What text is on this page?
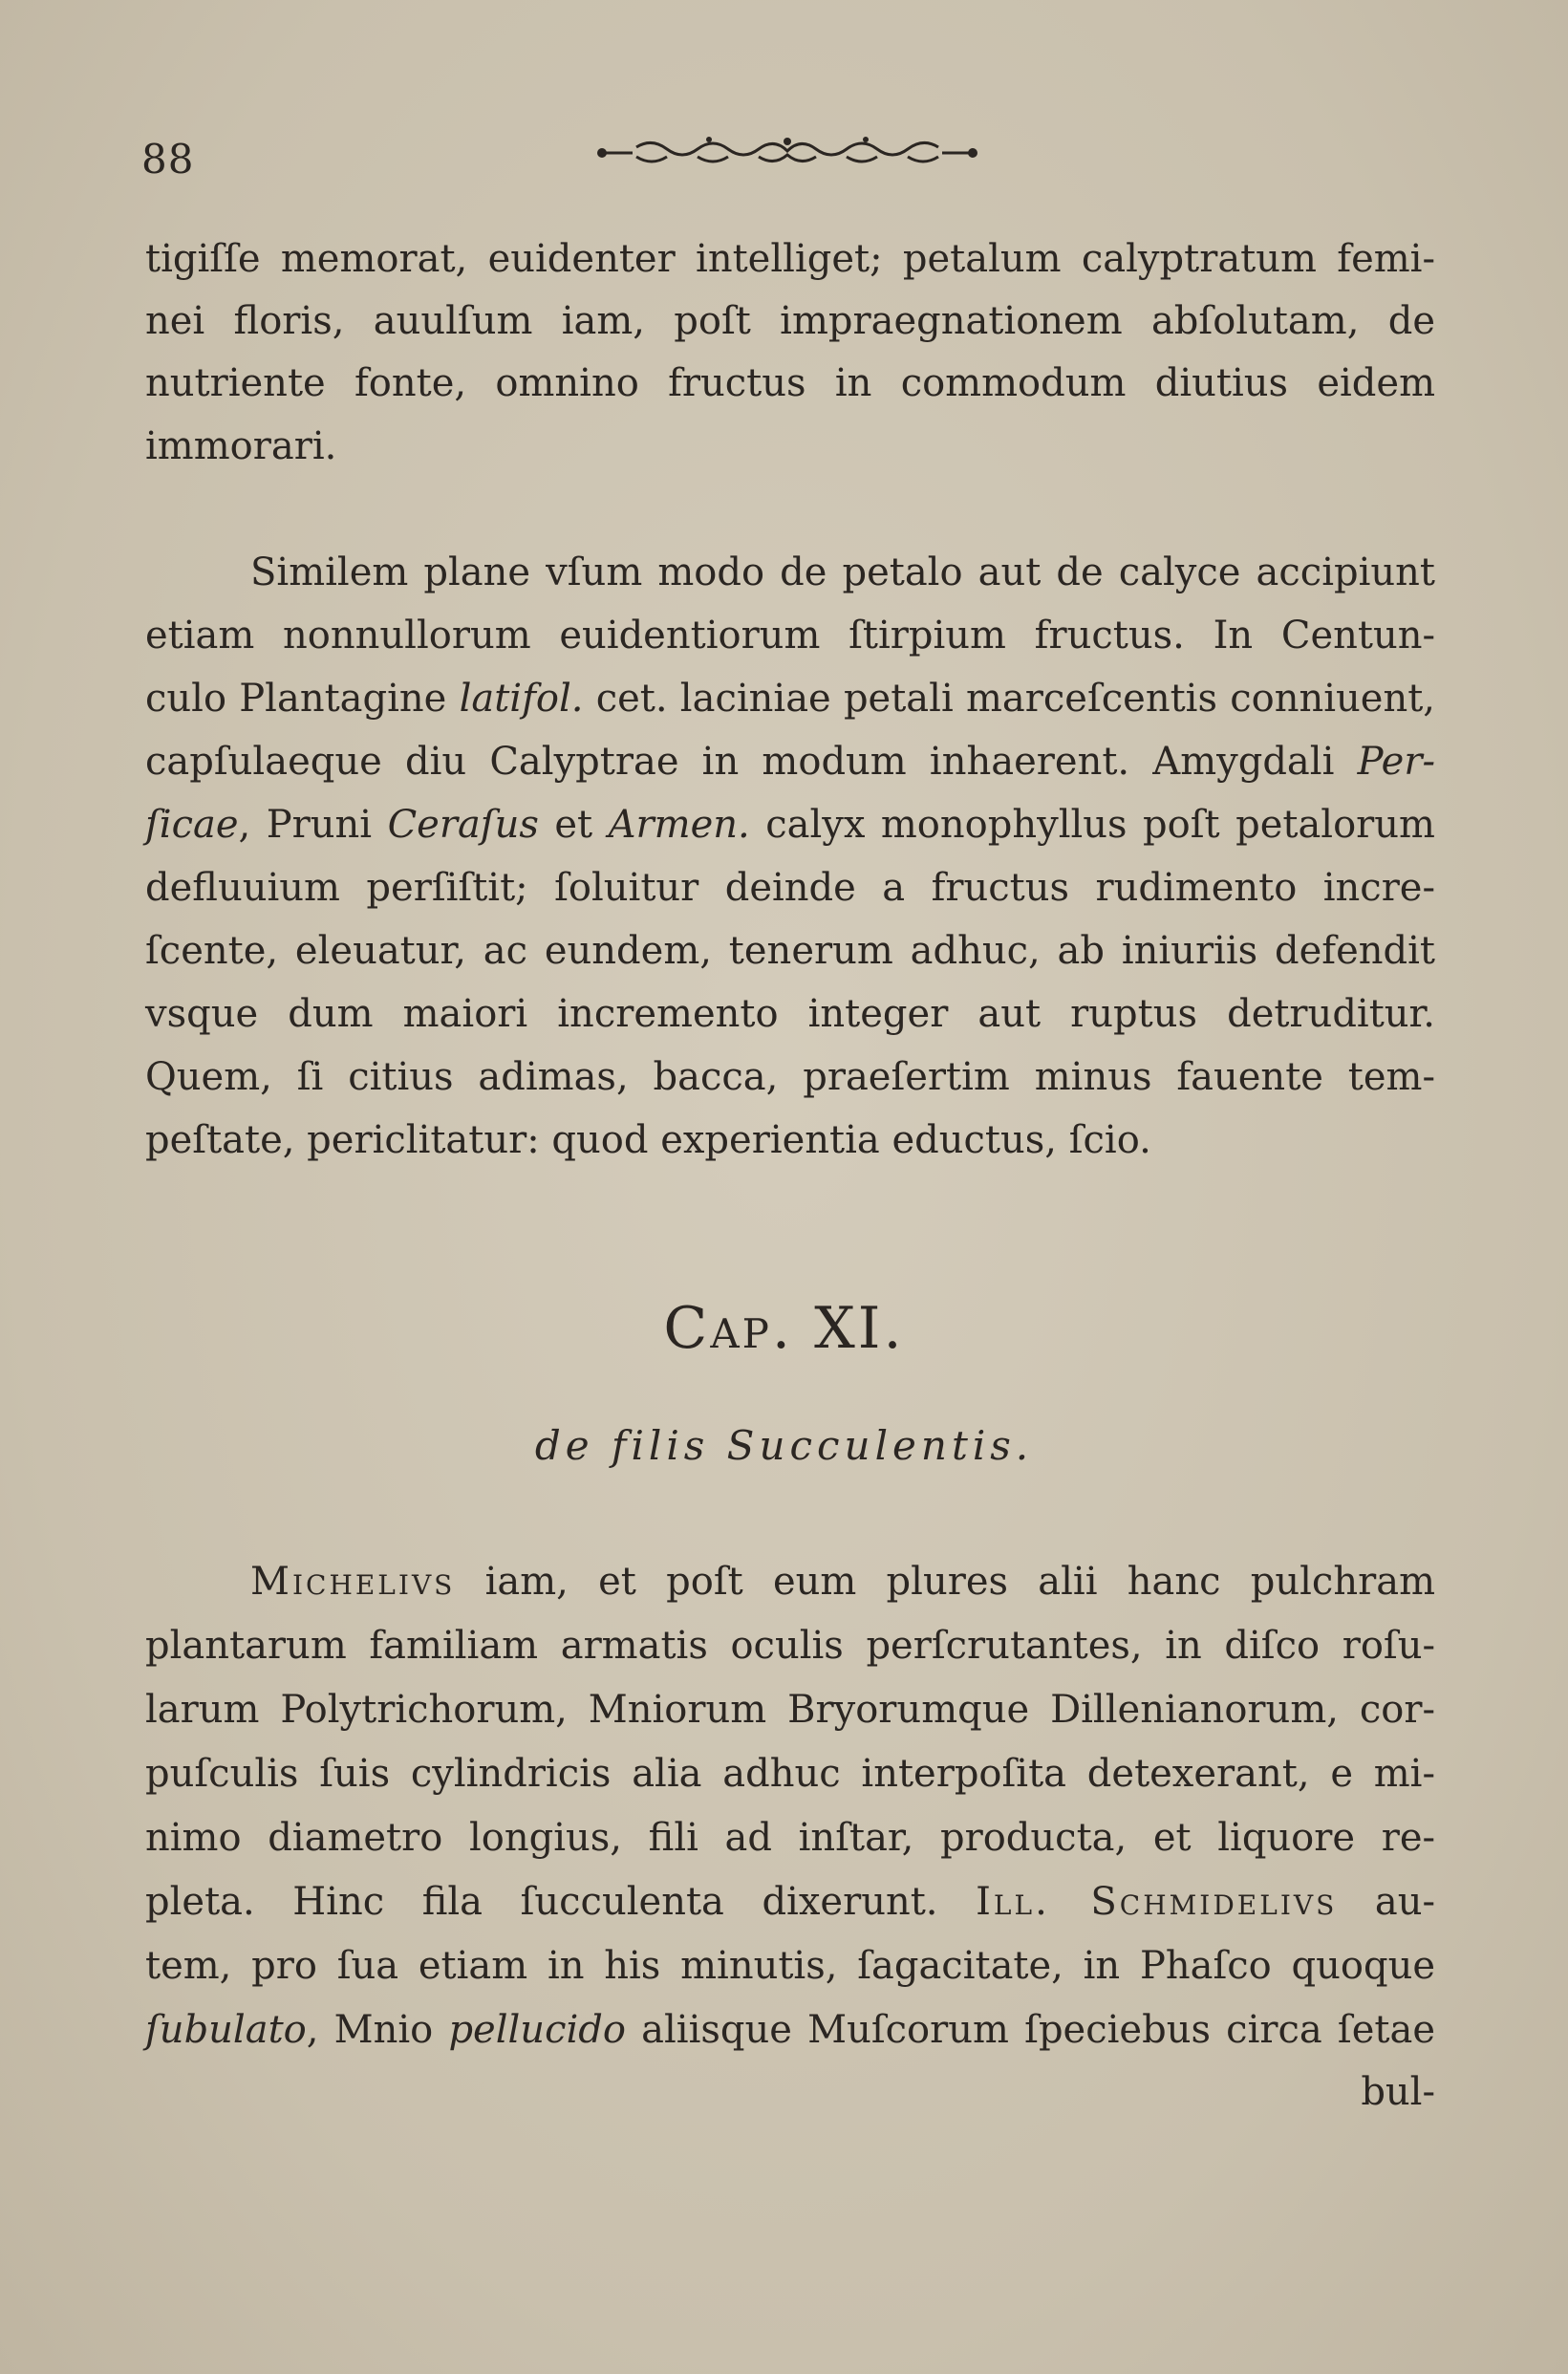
88
tigiſſe memorat, euidenter intelliget; petalum calyptratum femi-
nei floris, auulſum iam, poſt impraegnationem abſolutam, de
nutriente fonte, omnino fructus in commodum diutius eidem
immorari.
Similem plane vſum modo de petalo aut de calyce accipiunt
etiam nonnullorum euidentiorum ſtirpium fructus. In Centun-
culo Plantagine latifol. cet. laciniae petali marceſcentis conniuent,
capſulaeque diu Calyptrae in modum inhaerent. Amygdali Per-
ſicae, Pruni Ceraſus et Armen. calyx monophyllus poſt petalorum
defluuium perſiſtit; ſoluitur deinde a fructus rudimento incre-
ſcente, eleuatur, ac eundem, tenerum adhuc, ab iniuriis defendit
vsque dum maiori incremento integer aut ruptus detruditur.
Quem, ſi citius adimas, bacca, praeſertim minus fauente tem-
peſtate, periclitatur: quod experientia eductus, ſcio.
Cap. XI.
de filis Succulentis.
Michelivs iam, et poſt eum plures alii hanc pulchram
plantarum familiam armatis oculis perſcrutantes, in diſco roſu-
larum Polytrichorum, Mniorum Bryorumque Dillenianorum, cor-
puſculis ſuis cylindricis alia adhuc interpoſita detexerant, e mi-
nimo diametro longius, fili ad inſtar, producta, et liquore re-
pleta. Hinc fila ſucculenta dixerunt. Ill. Schmidelivs au-
tem, pro ſua etiam in his minutis, ſagacitate, in Phaſco quoque
ſubulato, Mnio pellucido aliisque Muſcorum ſpeciebus circa ſetae
bul-
